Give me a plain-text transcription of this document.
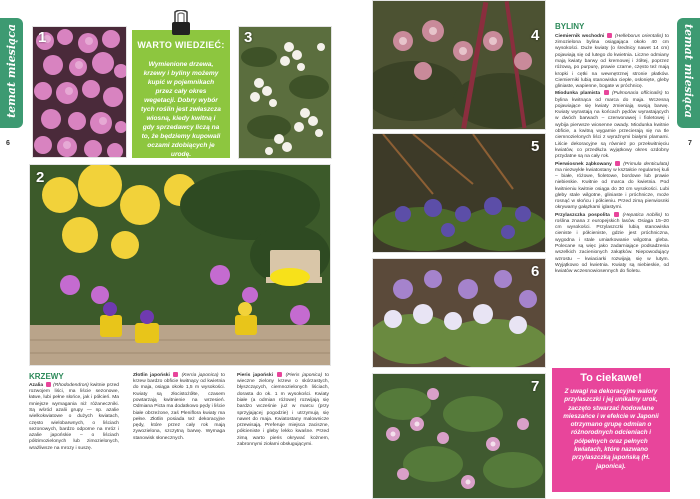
temat miesiąca
6
1	WARTO WIEDZIEĆ:
Wymienione drzewa, krzewy i byliny możemy kupić w pojemnikach przez cały okres wegetacji. Dobry wybór tych roślin jest zwłaszcza wiosną, kiedy kwitną i gdy sprzedawcy liczą na to, że będziemy kupowali oczami zdobiących je urodę.
3
2
KRZEWY
Azalia (Rhododendron) kwitnie przed rozwojem liści, ma liście sezonowe, łatwe, lubi pełne słońce, jak i półcień. Ma mniejsze wymagania niż różaneczniki. Są wśród azalii grupy — np. azalie wielkokwiatowe o dużych kwiatach, często wielobarwnych, o liściach sezonowych, bardzo odporne na mróz i azalie japońskie – o liściach półzimozielonych lub zimozielonych, wrażliwsze na mrozy i suszę.
Złotlin japoński (Kerria japonica) to krzew bardzo obficie kwitnący od kwietnia do maja, osiąga około 1,5 m wysokości. Kwiaty są złocistożółte, czasem powtarzają kwitnienie na wrzesień. Odmiana Picta ma dodatkowo pędy i liście białe obrzeżone, zaś Pleniflora kwiaty ma pełne. Złotlin posiada też dekoracyjne pędy, które przez cały rok mają zywozielona, szczytną barwę. Wymaga stanowisk słonecznych.
Pieris japoński	(Pieris japonica) to wieczne zielony krzew o skórzastych, błyszczących, ciemnozielonych liściach, dorasta do ok. 1 m wysokości. Kwiaty białe (a odmian różowe) rozwijają się bardzo wcześnie już w marcu (przy sprzyjającej pogodzie) i utrzymują się nawet do maja. Kwiatostany malownicze przewisają. Preferuje miejsca zaciszne, półcieniste i gleby lekko kwaśne. Przed zimą warto pieris okrywać kożnem, zabronnymi ziołami obsługującymi.
temat miesiąca
7
4
5
6
7
BYLINY
Ciemiernik wschodni (Helleborus orientalis) to zimozielona bylina osiągająca około 40 cm wysokości. Duże kwiaty (o średnicy nawet 14 cm) pojawiają się od lutego do kwietnia. Liczne odmiany mają kwiaty barwy od kremowej i żółtej, poprzez różową, po purpurę, prawie czarne, często też mają kropki i cętki na wewnętrznej stronie płatków. Ciemierniki lubią stanowiska ciepłe, osłonięte, gleby gliniaste, wapienne, bogate w próchnicę.
Miodunka plamista (Pulmonaria officinalis) to bylina kwitnąca od marca do maja. Wczesną pojawiające się kwiaty zmieniają swoją barwę. Kwiaty wyrastają na końcach pędów wyrastających w dwóch barwach – czerwonawej i fioletowej i wybija pierwsze wiosenne owady. Miodunka kwitnie obficie, a kwitną wygarnie przecierają się na tle ciemnozielonych liści z wyraźnymi białymi plamami. Liście dekoracyjne są również po przekwitnięciu kwiatów, co przedłuża wyjątkowy okres ozdobny przydatne są na cały rok.
Pierwiosnek ząbkowany (Primula denticulata) ma niezwykłe kwiatostany w kształcie regularnej kuli – białe, różowe, fioletowe, bordowe lub prawie niebieskie. Kwitnie od marca do kwietnia. Pod kwitnieniu kwitnie osiąga do 30 cm wysokości. Lubi gleby stale wilgotne, gliniaste i próchnicze, może rosnąć w słońcu i półcieniu. Przed zimą pierwiosnki okrywamy gałązkami iglastymi.
Przylaszczka pospolita	(Hepatica nobilis) to roślina znana z europejskich lasów. Osiąga 15–20 cm wysokości. Przylaszczki lubią stanowiska cieniste i półcieniste, gdzie jest próchniczna, wygodna i stale umiarkowanie wilgotna gleba. Polecane są więc jako zadarniające podsadzenia wszelkich zacienionych zakątków. Niepowodujący wzrostu – kwiaciarki rozwijają się w lutym. Wyjątkowo od kwietnia. Kwiaty są niebieskie, od kwiatów wczesnowiosennych do fioletu.
To ciekawe!
Z uwagi na dekoracyjne walory przylaszczki i jej unikalny urok, zaczęto stwarzać hodowlane mieszańce i w efekcie w Japonii otrzymano grupę odmian o różnorodnych odcieniach i półpełnych oraz pełnych kwiatach, które nazwano przylaszczką japońską (H. japonica).
